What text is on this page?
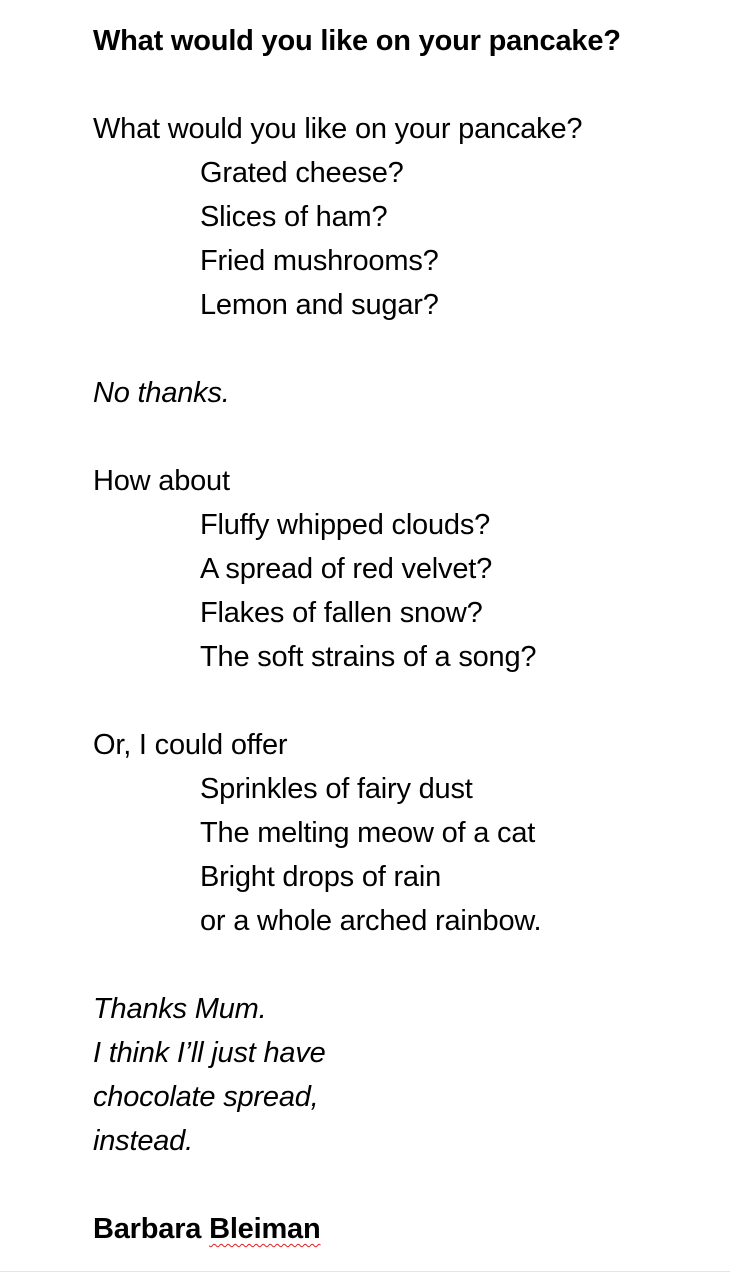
What would you like on your pancake?
What would you like on your pancake?
Grated cheese?
Slices of ham?
Fried mushrooms?
Lemon and sugar?
No thanks.
How about
Fluffy whipped clouds?
A spread of red velvet?
Flakes of fallen snow?
The soft strains of a song?
Or, I could offer
Sprinkles of fairy dust
The melting meow of a cat
Bright drops of rain
or a whole arched rainbow.
Thanks Mum.
I think I’ll just have
chocolate spread,
instead.
Barbara Bleiman
